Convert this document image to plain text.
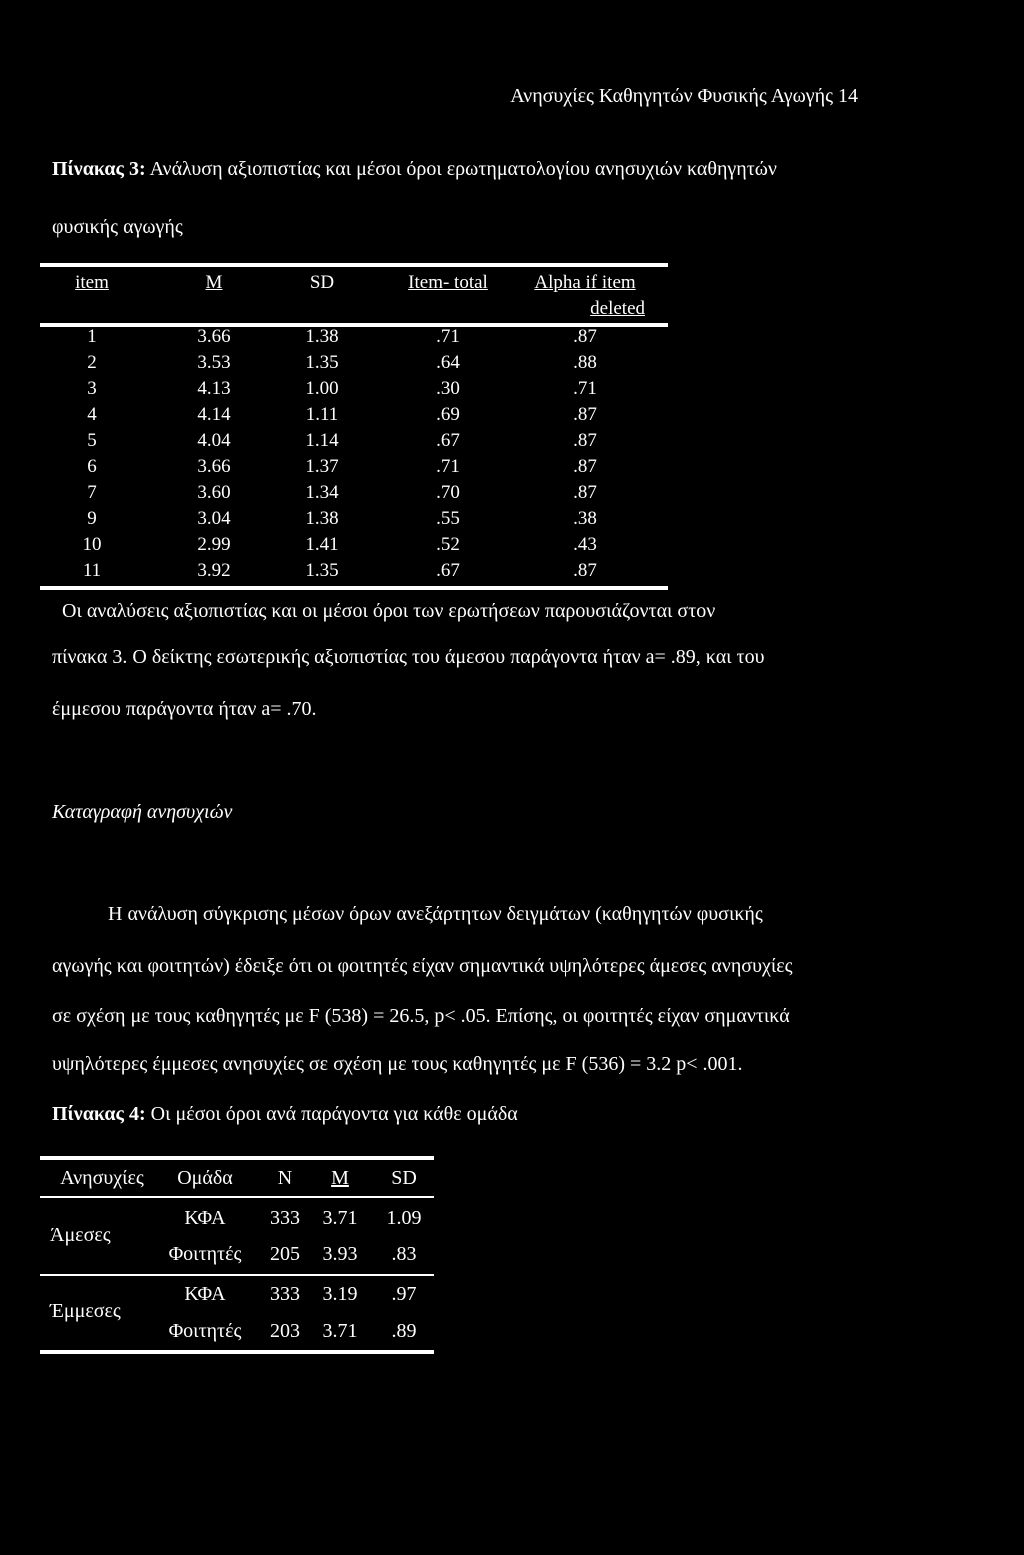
Ανησυχίες Καθηγητών Φυσικής Αγωγής 14
Πίνακας 3: Ανάλυση αξιοπιστίας και μέσοι όροι ερωτηματολογίου ανησυχιών καθηγητών
φυσικής αγωγής
item	M	SD	Item- total	Alpha if item
deleted
1	3.66	1.38	.71	.87
2	3.53	1.35	.64	.88
3	4.13	1.00	.30	.71
4	4.14	1.11	.69	.87
5	4.04	1.14	.67	.87
6	3.66	1.37	.71	.87
7	3.60	1.34	.70	.87
9	3.04	1.38	.55	.38
10	2.99	1.41	.52	.43
11	3.92	1.35	.67	.87
Οι αναλύσεις αξιοπιστίας και οι μέσοι όροι των ερωτήσεων παρουσιάζονται στον
πίνακα 3. Ο δείκτης εσωτερικής αξιοπιστίας του άμεσου παράγοντα ήταν a= .89, και του
έμμεσου παράγοντα ήταν a= .70.
Καταγραφή ανησυχιών
Η ανάλυση σύγκρισης μέσων όρων ανεξάρτητων δειγμάτων (καθηγητών φυσικής
αγωγής και φοιτητών) έδειξε ότι οι φοιτητές είχαν σημαντικά υψηλότερες άμεσες ανησυχίες
σε σχέση με τους καθηγητές με F (538) = 26.5, p< .05. Επίσης, οι φοιτητές είχαν σημαντικά
υψηλότερες έμμεσες ανησυχίες σε σχέση με τους καθηγητές με F (536) = 3.2 p< .001.
Πίνακας 4: Οι μέσοι όροι ανά παράγοντα για κάθε ομάδα
Ανησυχίες	Ομάδα	N	M	SD
Άμεσες
ΚΦΑ	333	3.71	1.09
Φοιτητές	205	3.93	.83
Έμμεσες
ΚΦΑ	333	3.19	.97
Φοιτητές	203	3.71	.89
